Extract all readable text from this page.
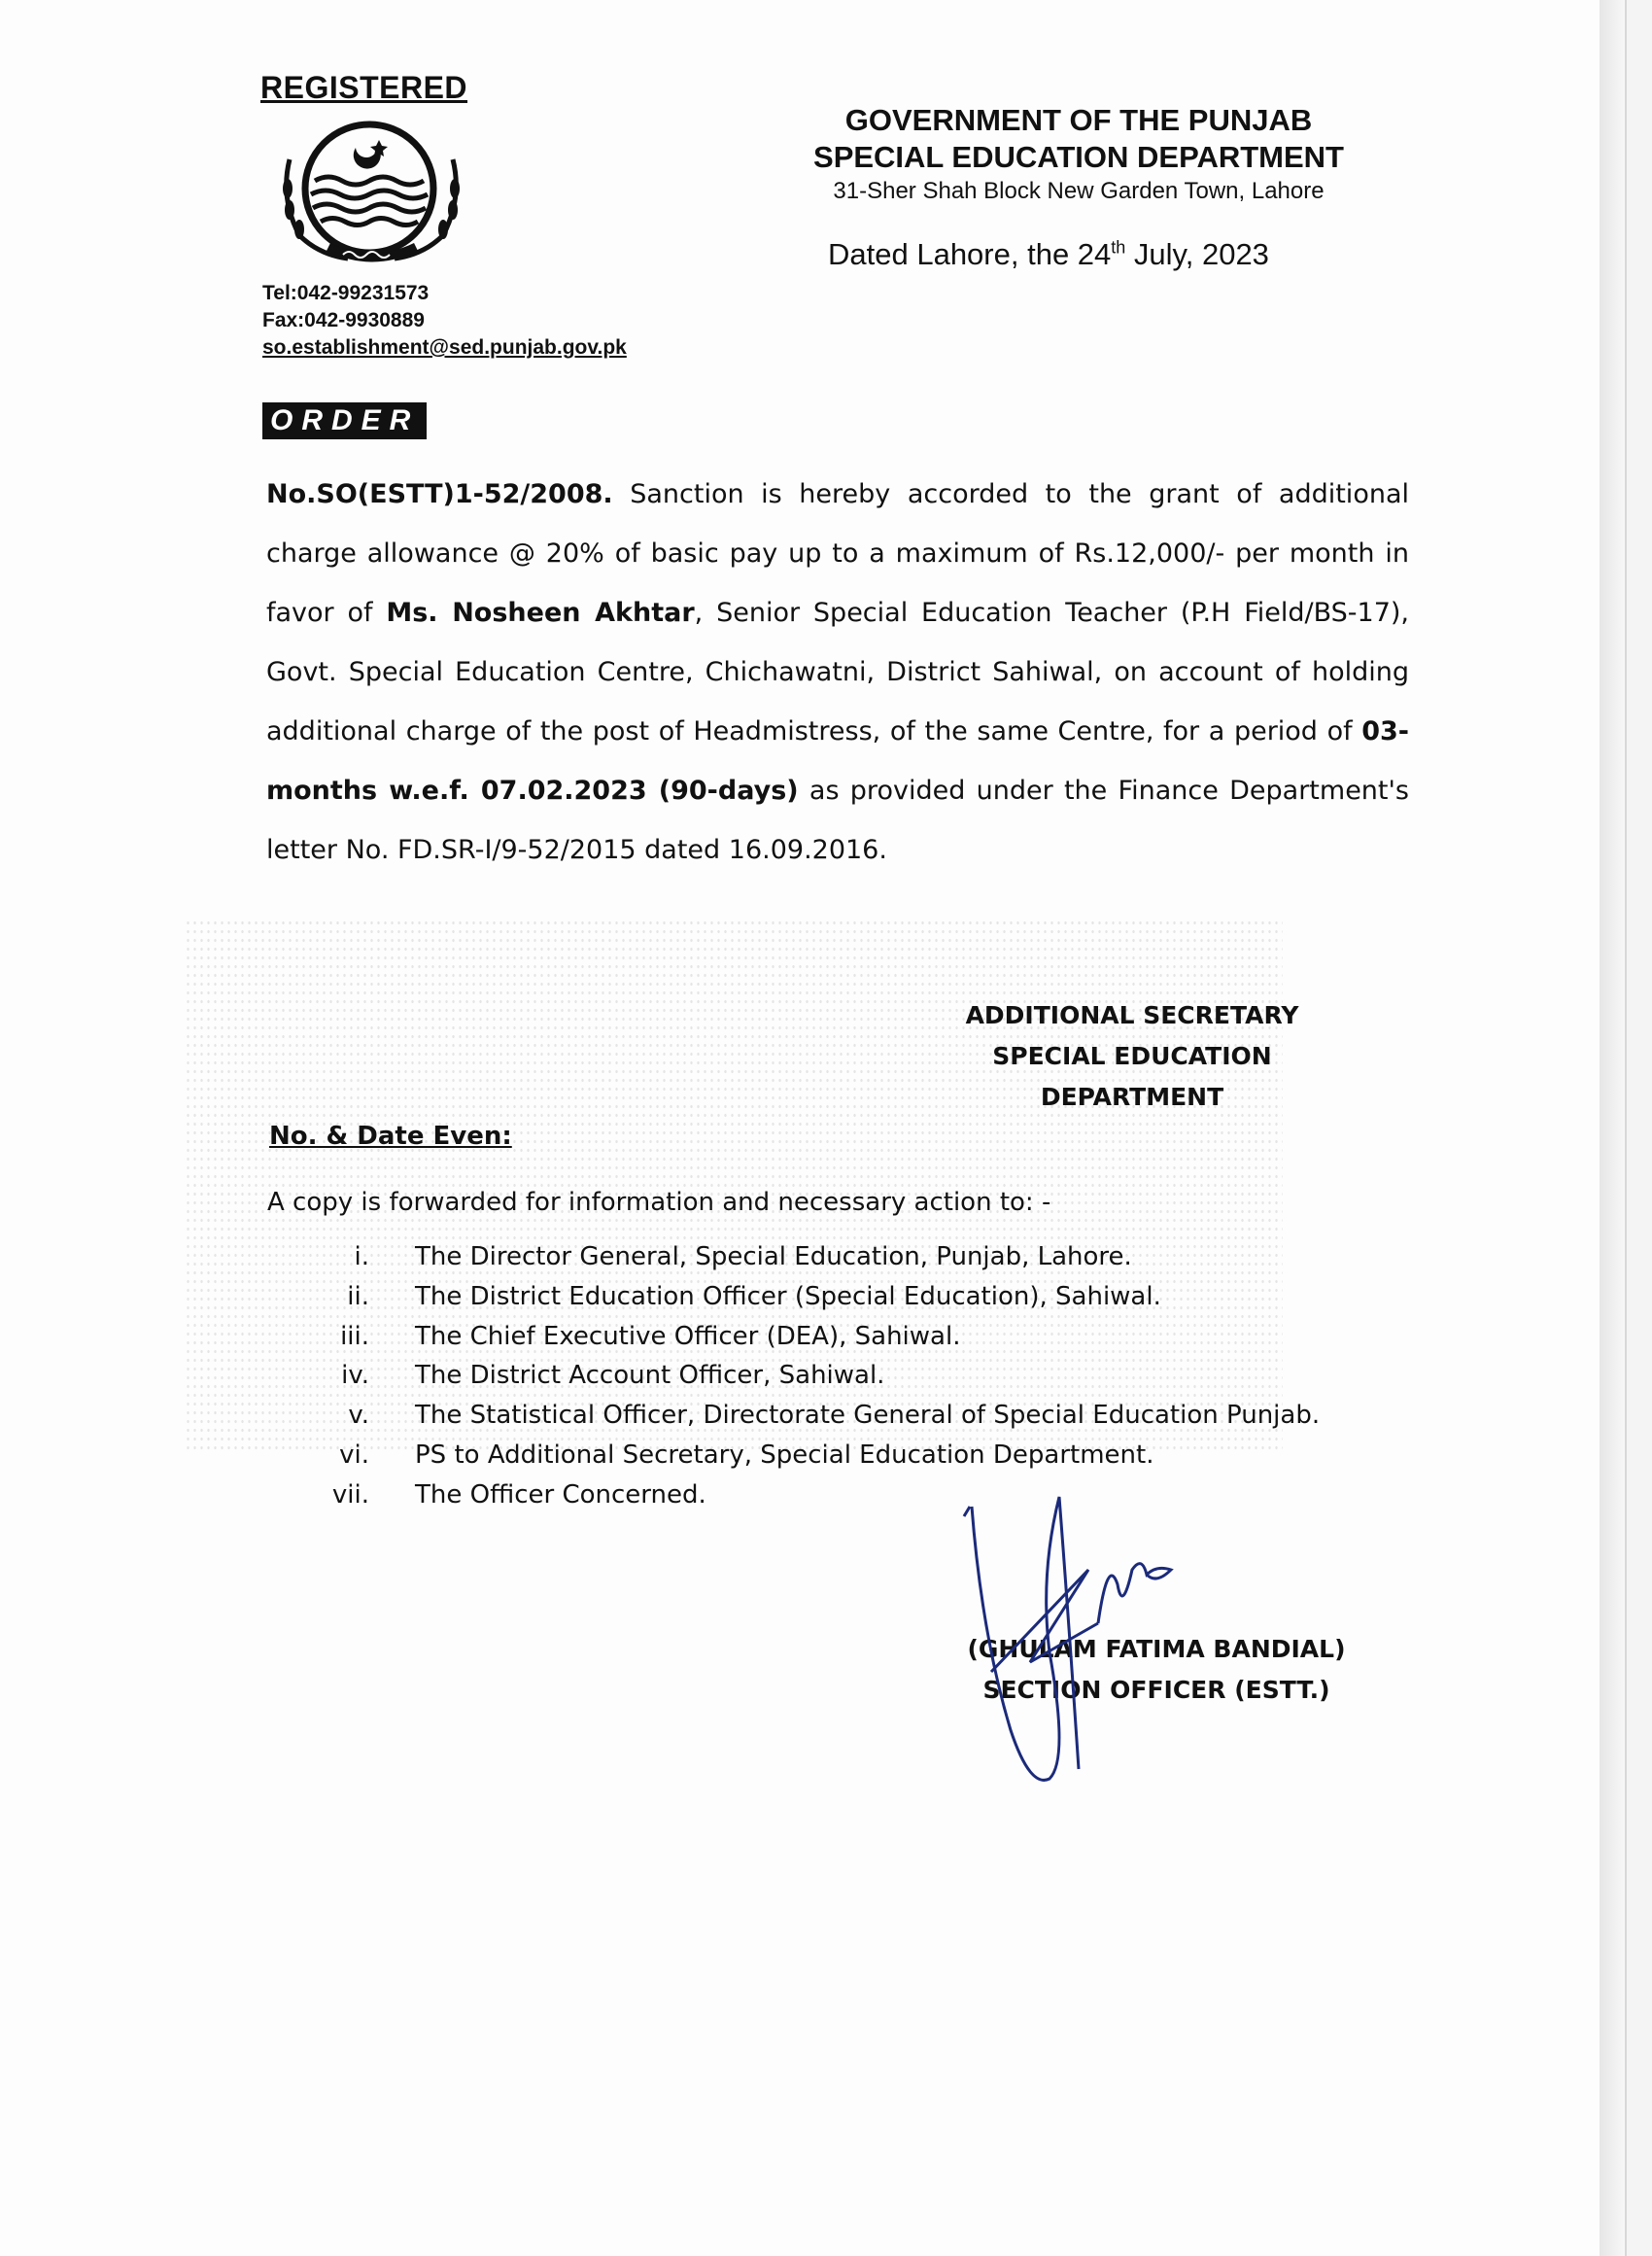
REGISTERED
Tel:042-99231573
Fax:042-9930889
so.establishment@sed.punjab.gov.pk
GOVERNMENT OF THE PUNJAB
SPECIAL EDUCATION DEPARTMENT
31-Sher Shah Block New Garden Town, Lahore
Dated Lahore, the 24th July, 2023
ORDER
No.SO(ESTT)1-52/2008. Sanction is hereby accorded to the grant of additional charge allowance @ 20% of basic pay up to a maximum of Rs.12,000/- per month in favor of Ms. Nosheen Akhtar, Senior Special Education Teacher (P.H Field/BS-17), Govt. Special Education Centre, Chichawatni, District Sahiwal, on account of holding additional charge of the post of Headmistress, of the same Centre, for a period of 03-months w.e.f. 07.02.2023 (90-days) as provided under the Finance Department's letter No. FD.SR-I/9-52/2015 dated 16.09.2016.
ADDITIONAL SECRETARY
SPECIAL EDUCATION
DEPARTMENT
No. & Date Even:
A copy is forwarded for information and necessary action to: -
i. The Director General, Special Education, Punjab, Lahore.
ii. The District Education Officer (Special Education), Sahiwal.
iii. The Chief Executive Officer (DEA), Sahiwal.
iv. The District Account Officer, Sahiwal.
v. The Statistical Officer, Directorate General of Special Education Punjab.
vi. PS to Additional Secretary, Special Education Department.
vii. The Officer Concerned.
(GHULAM FATIMA BANDIAL)
SECTION OFFICER (ESTT.)
